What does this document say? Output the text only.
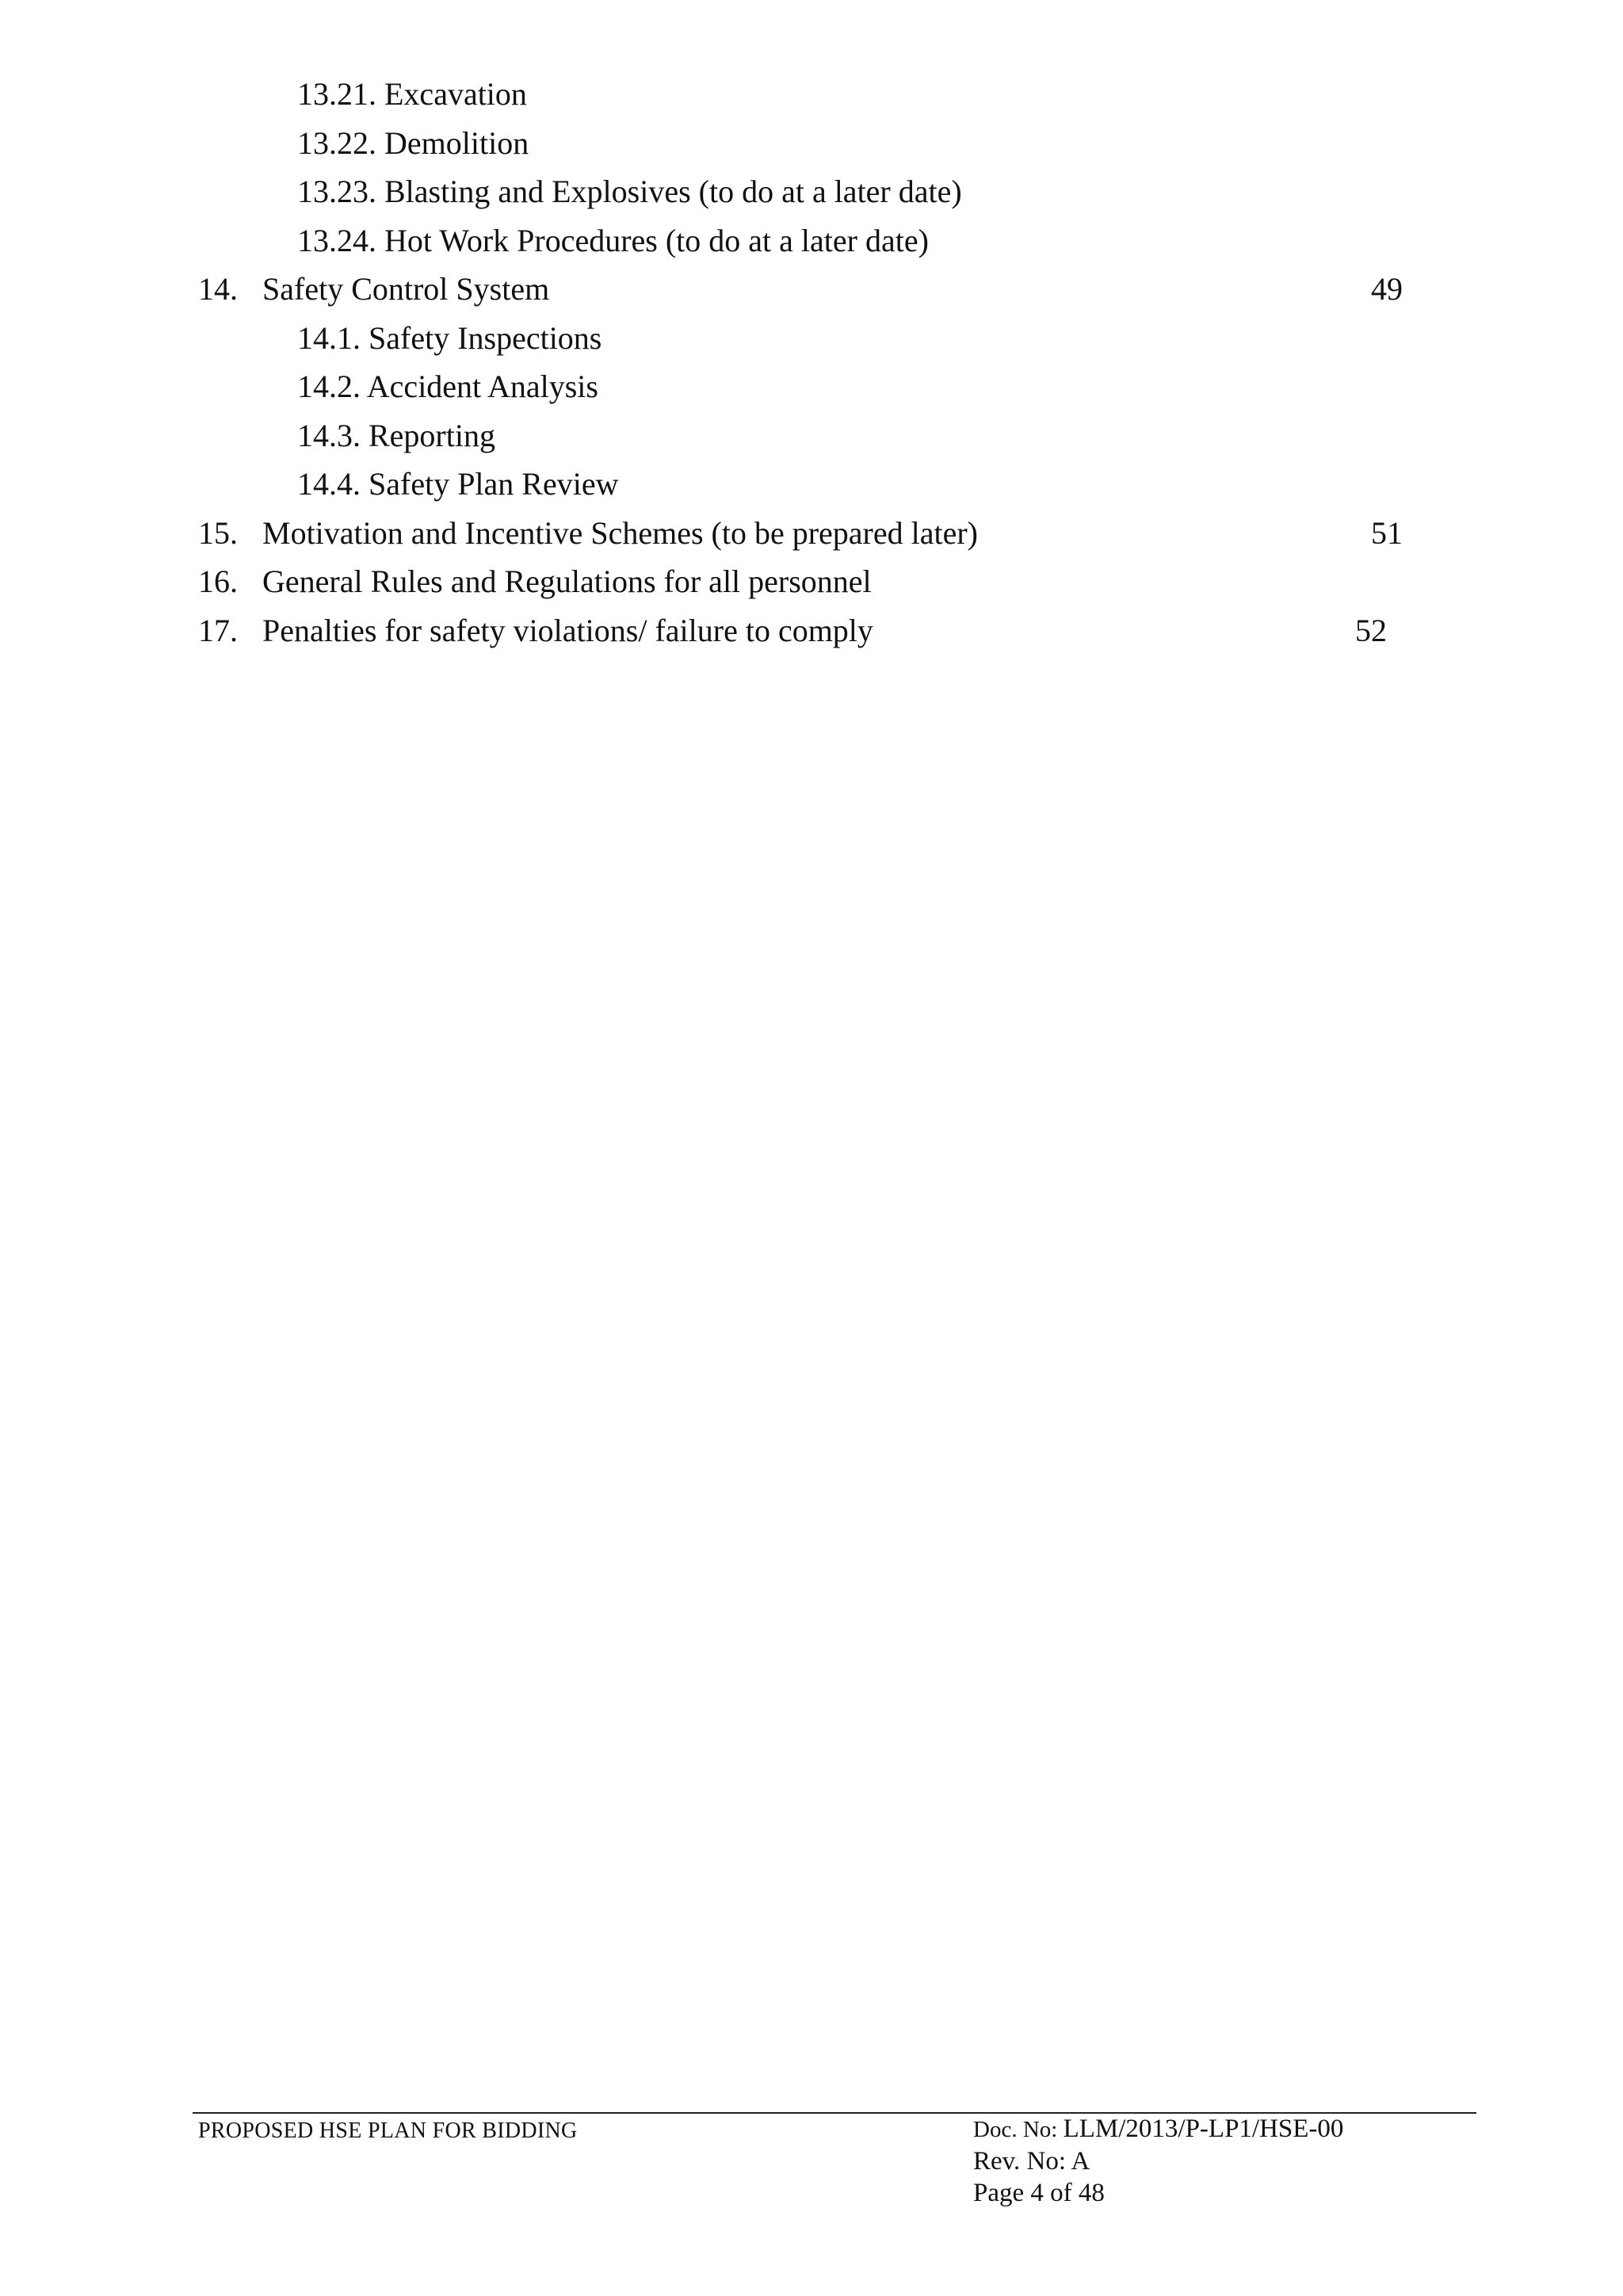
13.21. Excavation
13.22. Demolition
13.23. Blasting and Explosives (to do at a later date)
13.24. Hot Work Procedures (to do at a later date)
14. Safety Control System	49
14.1. Safety Inspections
14.2. Accident Analysis
14.3. Reporting
14.4. Safety Plan Review
15. Motivation and Incentive Schemes (to be prepared later)	51
16. General Rules and Regulations for all personnel
17. Penalties for safety violations/ failure to comply	52
PROPOSED HSE PLAN FOR BIDDING	Doc. No: LLM/2013/P-LP1/HSE-00
Rev. No: A
Page 4 of 48
